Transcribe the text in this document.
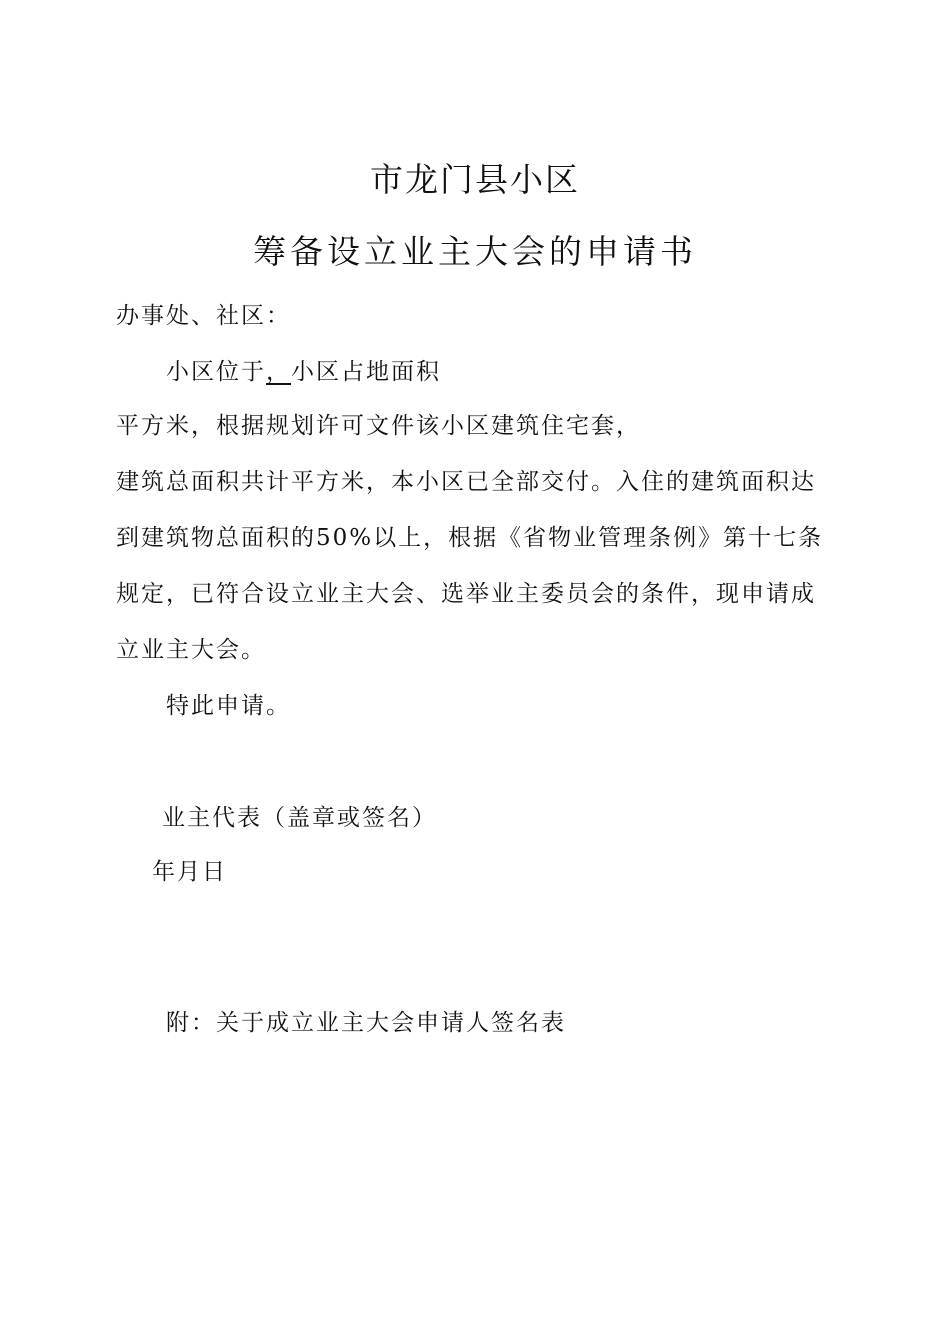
市龙门县小区
筹备设立业主大会的申请书
办事处、社区：
小区位于，小区占地面积
平方米，根据规划许可文件该小区建筑住宅套，
建筑总面积共计平方米，本小区已全部交付。入住的建筑面积达
到建筑物总面积的50%以上，根据《省物业管理条例》第十七条
规定，已符合设立业主大会、选举业主委员会的条件，现申请成
立业主大会。
特此申请。
业主代表（盖章或签名）
年月日
附：关于成立业主大会申请人签名表
